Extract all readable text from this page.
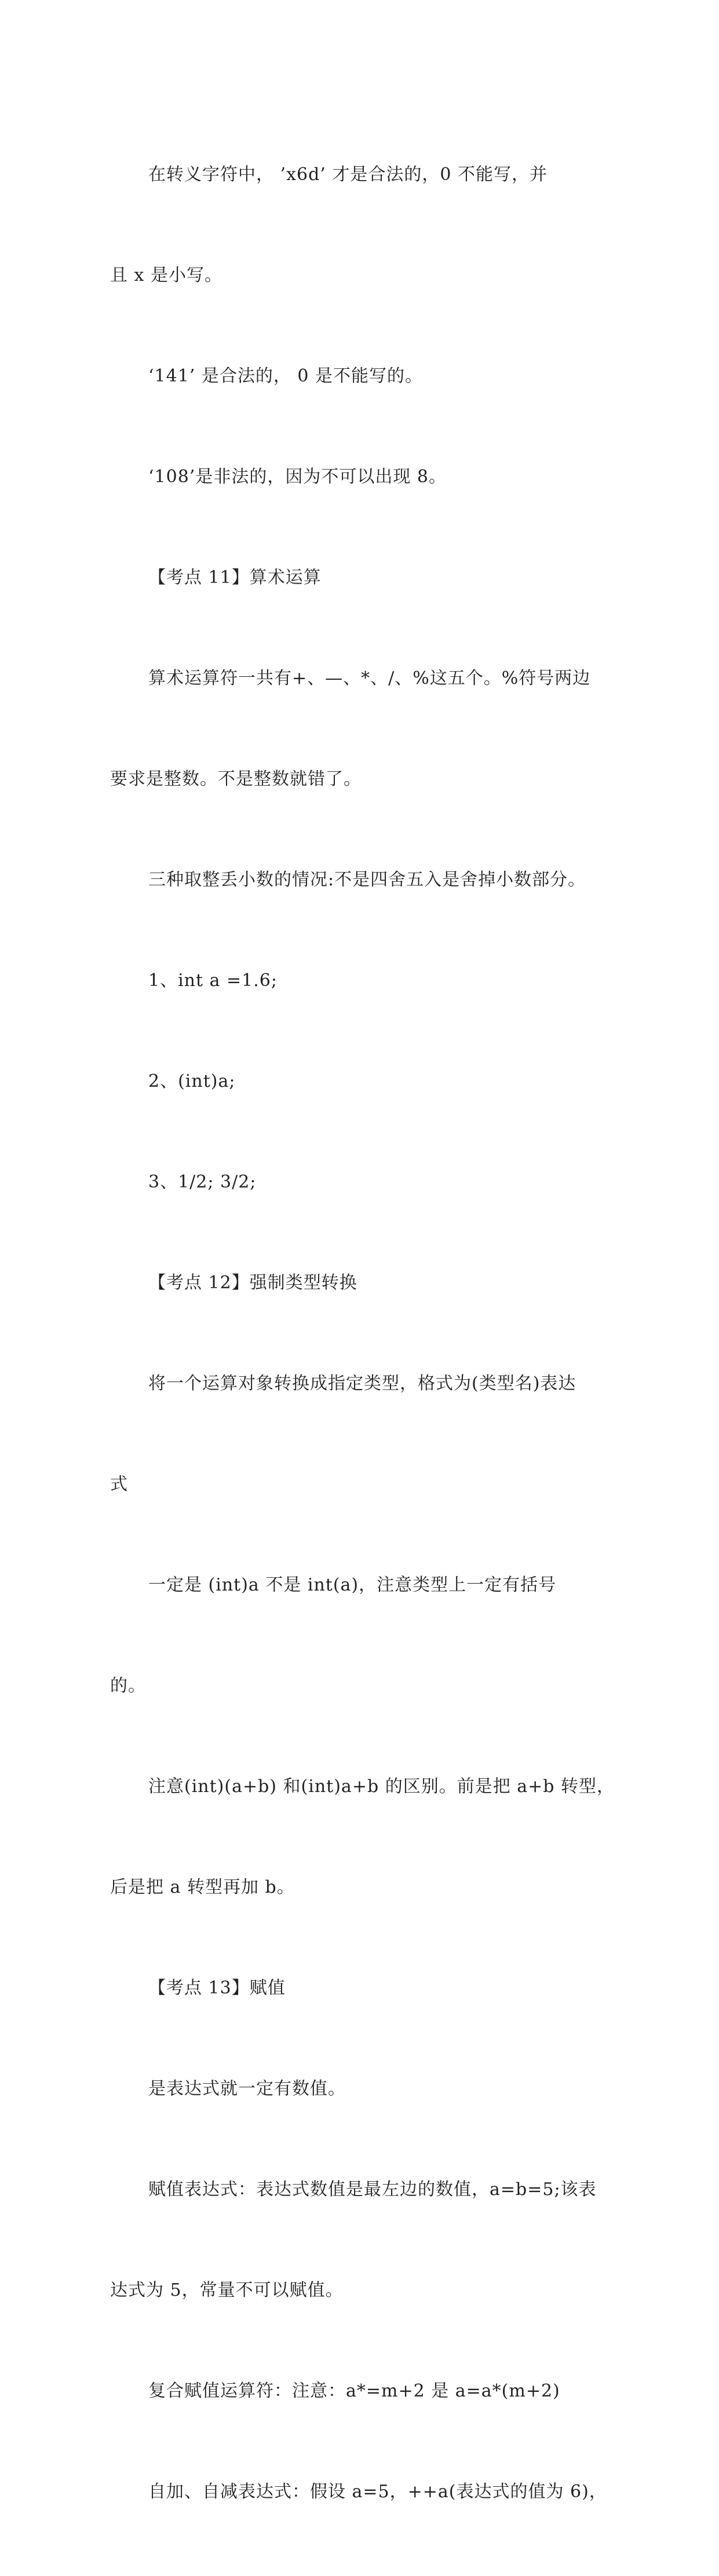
在转义字符中， ’x6d’ 才是合法的，0 不能写，并

且 x 是小写。

‘141’ 是合法的， 0 是不能写的。

‘108’是非法的，因为不可以出现 8。

【考点 11】算术运算

算术运算符一共有+、—、*、/、%这五个。%符号两边

要求是整数。不是整数就错了。

三种取整丢小数的情况:不是四舍五入是舍掉小数部分。

1、int a =1.6;

2、(int)a;

3、1/2; 3/2;

【考点 12】强制类型转换

将一个运算对象转换成指定类型，格式为(类型名)表达

式

一定是 (int)a 不是 int(a)，注意类型上一定有括号

的。

注意(int)(a+b) 和(int)a+b 的区别。前是把 a+b 转型，

后是把 a 转型再加 b。

【考点 13】赋值

是表达式就一定有数值。

赋值表达式：表达式数值是最左边的数值，a=b=5;该表

达式为 5，常量不可以赋值。

复合赋值运算符：注意：a*=m+2 是 a=a*(m+2)

自加、自减表达式：假设 a=5，++a(表达式的值为 6)，
